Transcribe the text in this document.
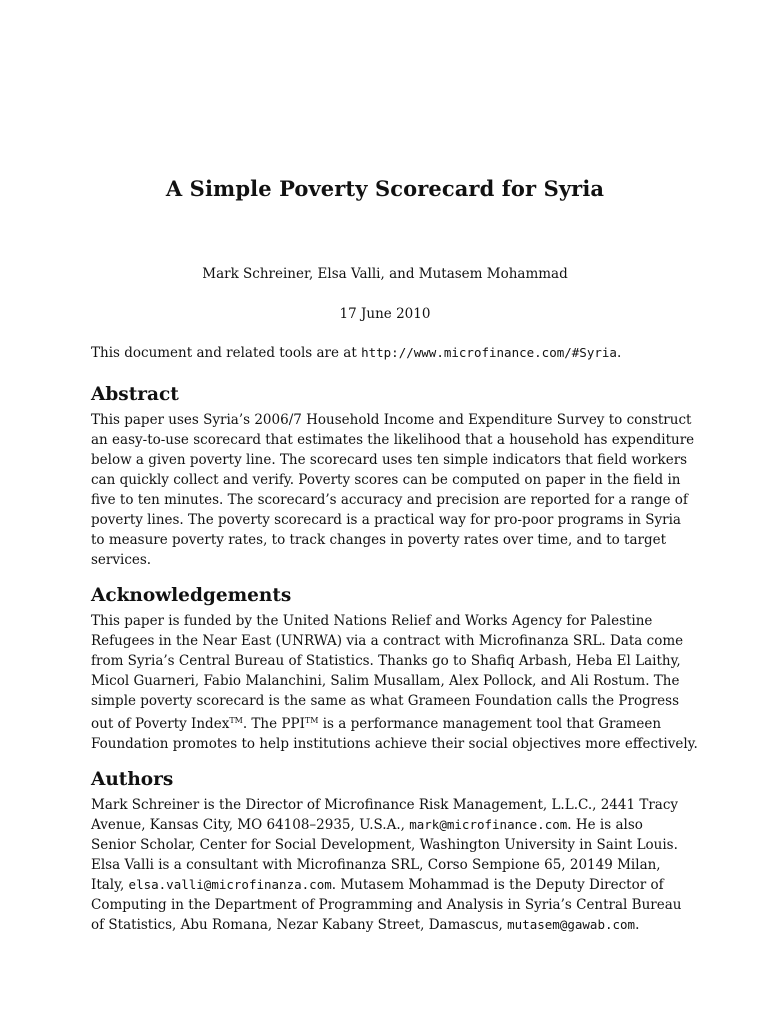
A Simple Poverty Scorecard for Syria
Mark Schreiner, Elsa Valli, and Mutasem Mohammad
17 June 2010
This document and related tools are at http://www.microfinance.com/#Syria.
Abstract
This paper uses Syria’s 2006/7 Household Income and Expenditure Survey to construct
an easy-to-use scorecard that estimates the likelihood that a household has expenditure
below a given poverty line. The scorecard uses ten simple indicators that field workers
can quickly collect and verify. Poverty scores can be computed on paper in the field in
five to ten minutes. The scorecard’s accuracy and precision are reported for a range of
poverty lines. The poverty scorecard is a practical way for pro-poor programs in Syria
to measure poverty rates, to track changes in poverty rates over time, and to target
services.
Acknowledgements
This paper is funded by the United Nations Relief and Works Agency for Palestine
Refugees in the Near East (UNRWA) via a contract with Microfinanza SRL. Data come
from Syria’s Central Bureau of Statistics. Thanks go to Shafiq Arbash, Heba El Laithy,
Micol Guarneri, Fabio Malanchini, Salim Musallam, Alex Pollock, and Ali Rostum. The
simple poverty scorecard is the same as what Grameen Foundation calls the Progress
out of Poverty Index™. The PPI™ is a performance management tool that Grameen
Foundation promotes to help institutions achieve their social objectives more effectively.
Authors
Mark Schreiner is the Director of Microfinance Risk Management, L.L.C., 2441 Tracy
Avenue, Kansas City, MO 64108–2935, U.S.A., mark@microfinance.com. He is also
Senior Scholar, Center for Social Development, Washington University in Saint Louis.
Elsa Valli is a consultant with Microfinanza SRL, Corso Sempione 65, 20149 Milan,
Italy, elsa.valli@microfinanza.com. Mutasem Mohammad is the Deputy Director of
Computing in the Department of Programming and Analysis in Syria’s Central Bureau
of Statistics, Abu Romana, Nezar Kabany Street, Damascus, mutasem@gawab.com.
